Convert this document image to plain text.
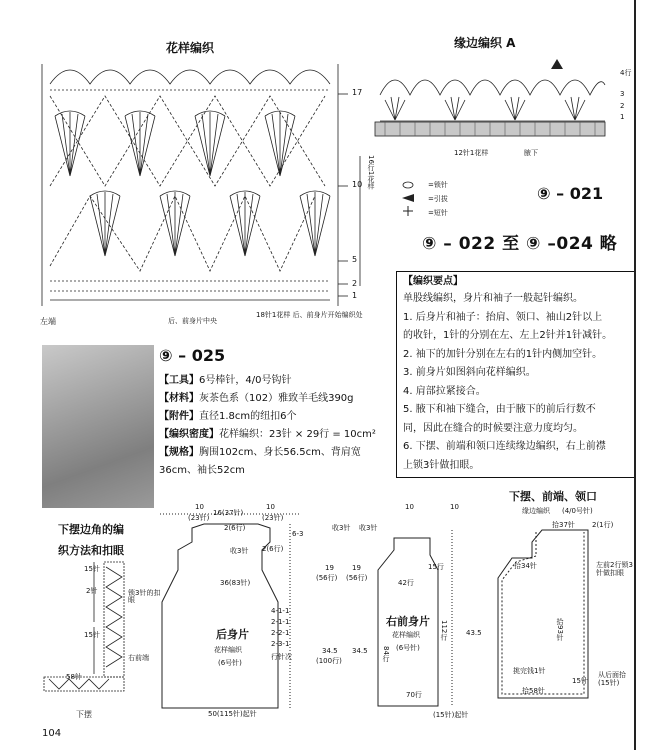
花样编织
17
10
5
2
1
16行1花样
左端	后、前身片中央
18针1花样 后、前身片开始编织处
缘边编织 A
4行
3
2
1
12针1花样	腋下
=锁针
=引拔
=短针
⑨ – 021
⑨ – 022 至 ⑨ –024 略
【编织要点】
单股线编织，身片和袖子一般起针编织。
1. 后身片和袖子：抬肩、领口、袖山2针以上
的收针，1针的分别在左、左上2针并1针减针。
2. 袖下的加针分别在左右的1针内侧加空针。
3. 前身片如图斜向花样编织。
4. 肩部拉紧接合。
5. 腋下和袖下缝合，由于腋下的前后行数不
同，因此在缝合的时候要注意力度均匀。
6. 下摆、前端和领口连续缘边编织，右上前襟
上锁3针做扣眼。
⑨ – 025
【工具】6号棒针，4/0号钩针
【材料】灰茶色系（102）雅致羊毛线390g
【附件】直径1.8cm的纽扣6个
【编织密度】花样编织：23针 × 29行 = 10cm²
【规格】胸围102cm、身长56.5cm、背肩宽
36cm、袖长52cm
下摆边角的编
织方法和扣眼
15针
2针	锁3针的扣眼
15针
右前端
58针
下摆
10
(23针)
16(37针)
10
(23针)
2(6行)
6-3
收3针 2(6行)
收3针
36(83针)
19
(56行)
34.5
(100行)
50(115针)起针
后身片
花样编织
(6号针)
4-1-1
2-1-1
2-2-1
2-3-1
行针次
10	10
收3针
19
(56行)
42行
15行
84行
112行
34.5
43.5
70行
(15针)起针
右前身片
花样编织
(6号针)
下摆、前端、领口
缘边编织 (4/0号针)
拾37针 2(1行)
拾34针	左前2行锁3针做扣眼
拾93针
拾58针
从后面拾(15针)
15针
挑完钱1针
104
